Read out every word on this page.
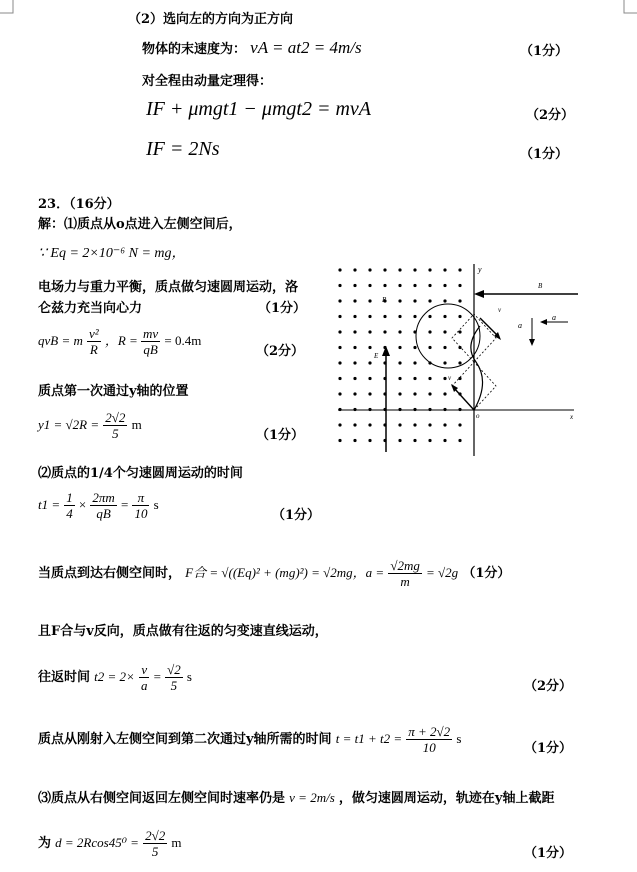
（2）选向左的方向为正方向
物体的末速度为： vA = at2 = 4m/s	（1分）
对全程由动量定理得：
IF + μmgt1 − μmgt2 = mvA	（2分）
IF = 2Ns	（1分）
23．（16分）
解：⑴质点从o点进入左侧空间后，
∵ Eq = 2×10⁻⁶ N = mg，
电场力与重力平衡，质点做匀速圆周运动，洛
仑兹力充当向心力	（1分）
qvB = m $\frac{\text{v²}}{R}$ ，$R = \frac{mv}{qB} = 0.4m$
（2分）
质点第一次通过y轴的位置
$y1 = √2R = \frac{2√2}{5}$ m
（1分）
⑵质点的1/4个匀速圆周运动的时间
$t1 = \frac{1}{4} \times \frac{2\pi m}{qB} = \frac{\pi}{10}$ s
（1分）
当质点到达右侧空间时， F合 = √((Eq)² + (mg)²) = √2mg，$a = \frac{√2mg}{m} = √2g$ （1分）
且F合与v反向，质点做有往返的匀变速直线运动，
往返时间 $t2 = 2\times \frac{v}{a} = \frac{√2}{5}$ s
（2分）
质点从刚射入左侧空间到第二次通过y轴所需的时间 $t = t1 + t2 = \frac{\pi + 2√2}{10}$ s
（1分）
⑶质点从右侧空间返回左侧空间时速率仍是 v = 2m/s ，做匀速圆周运动，轨迹在y轴上截距
为 $d = 2Rcos45^0 = \frac{2√2}{5}$ m
（1分）
y
x
o
E
B
B
v
v
a
a
